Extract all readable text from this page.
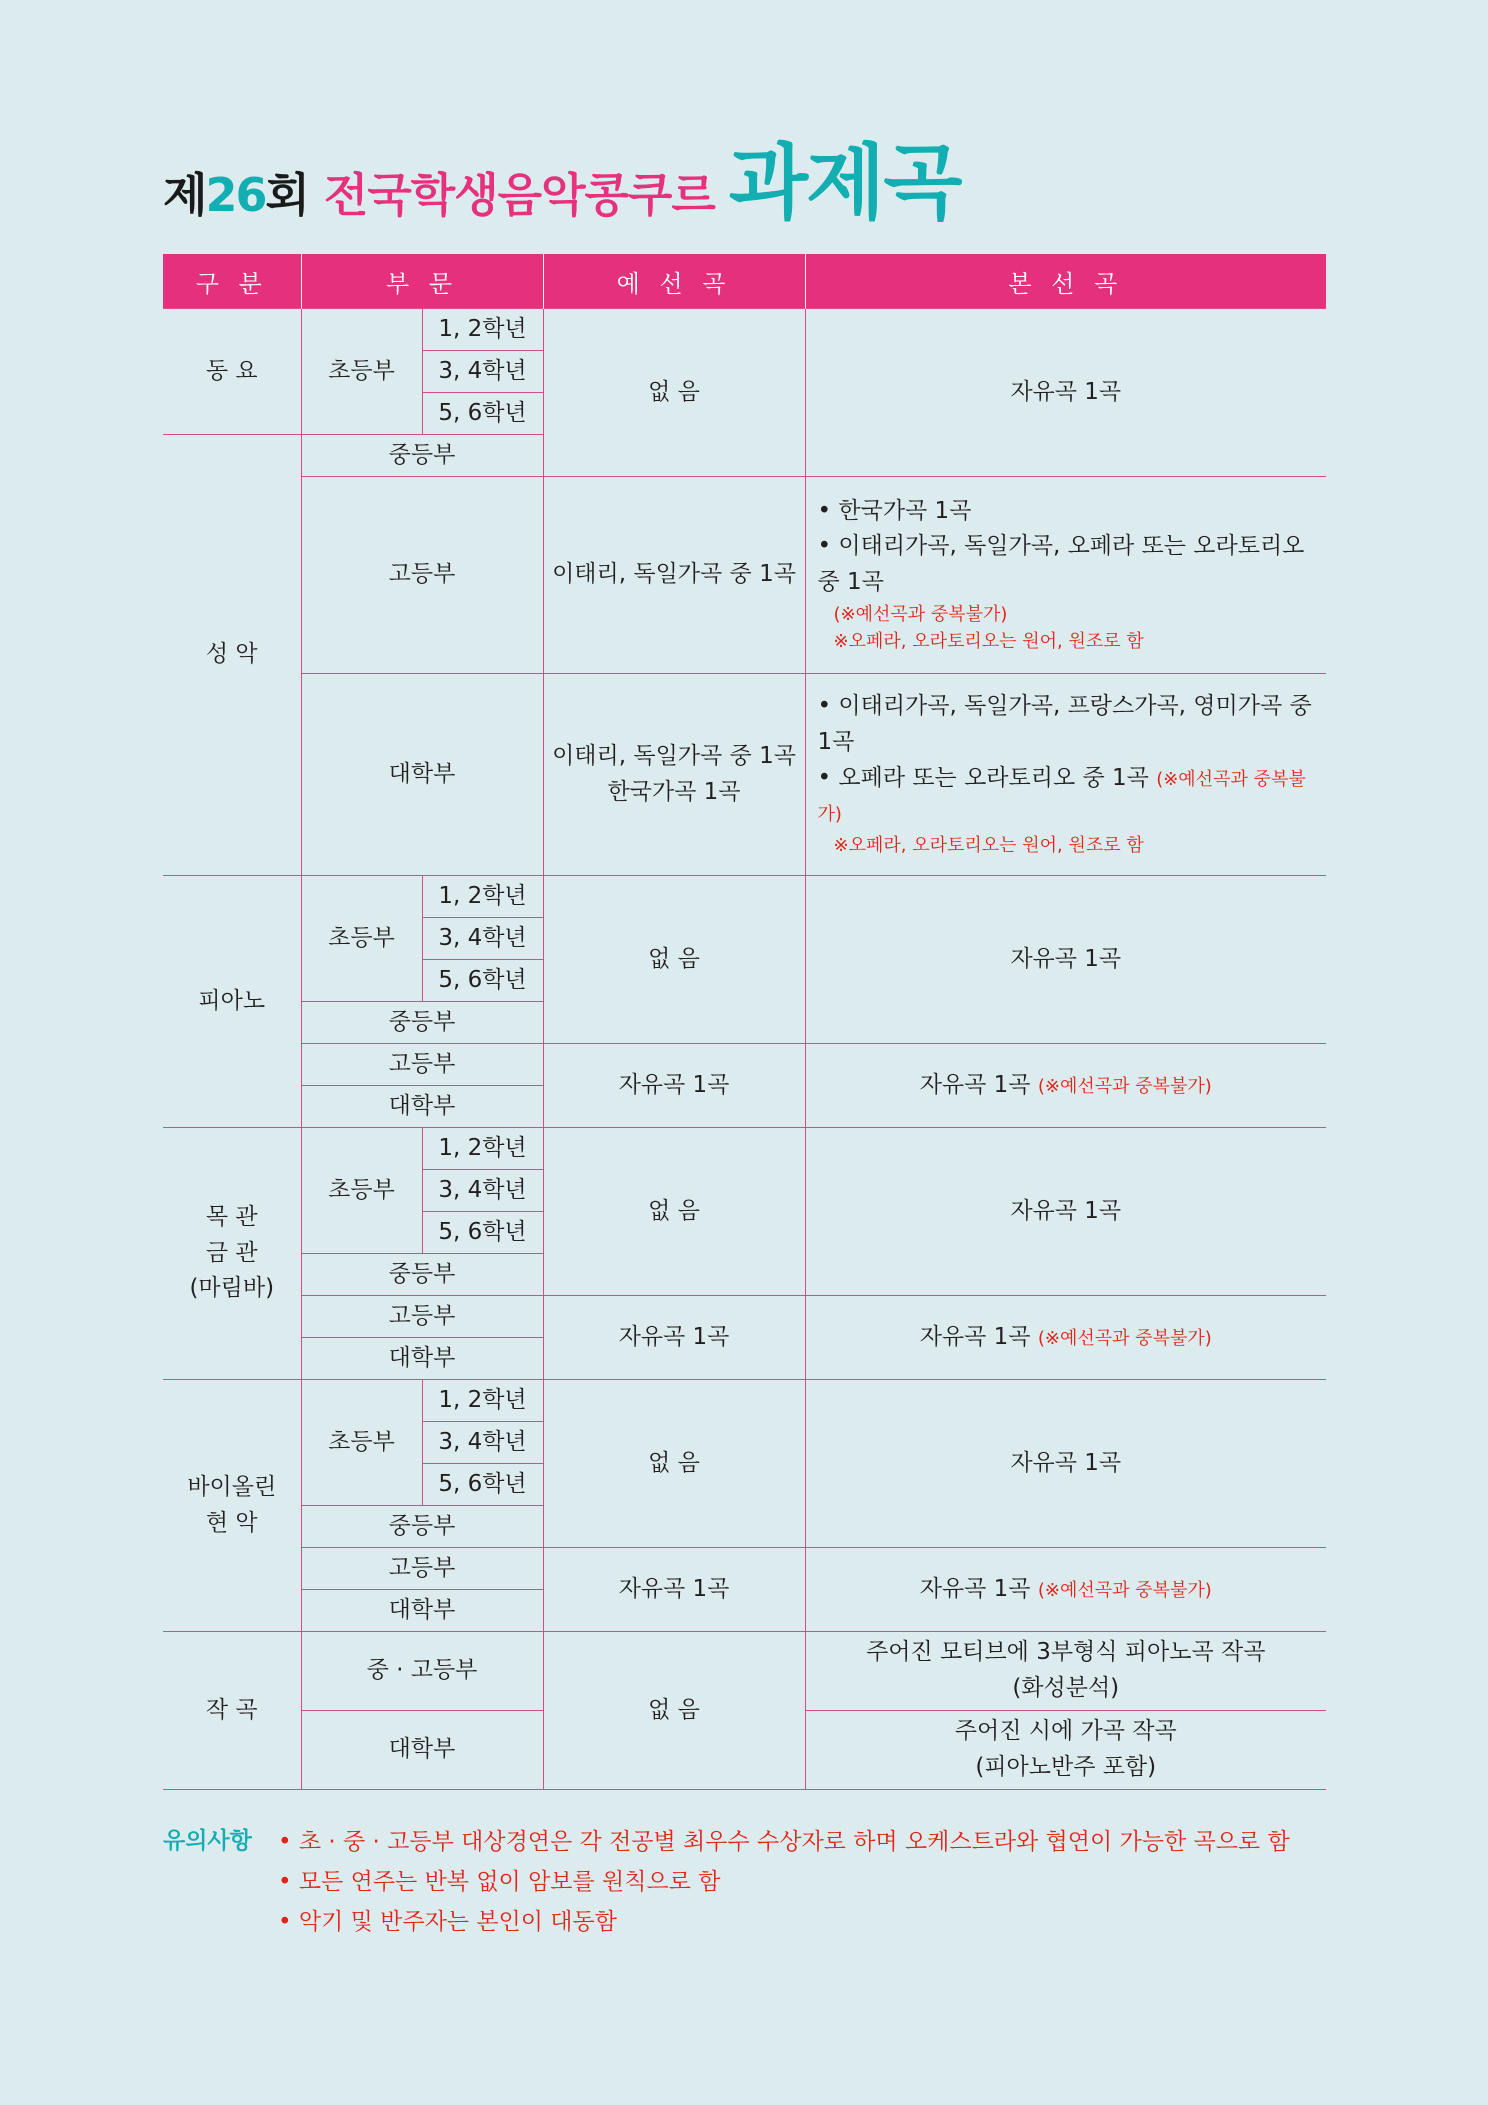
제 26 회 전국학생음악콩쿠르 과제곡
구 분	부 문		예 선 곡	본 선 곡
동 요	초등부	1, 2학년	없 음	자유곡 1곡
		3, 4학년		
		5, 6학년		
성 악	중등부			
	고등부		이태리, 독일가곡 중 1곡	• 한국가곡 1곡
• 이태리가곡, 독일가곡, 오페라 또는 오라토리오 중 1곡
(※예선곡과 중복불가)
※오페라, 오라토리오는 원어, 원조로 함

	대학부		이태리, 독일가곡 중 1곡
한국가곡 1곡	• 이태리가곡, 독일가곡, 프랑스가곡, 영미가곡 중 1곡
• 오페라 또는 오라토리오 중 1곡 (※예선곡과 중복불가)
※오페라, 오라토리오는 원어, 원조로 함

피아노	초등부	1, 2학년	없 음	자유곡 1곡
		3, 4학년		
		5, 6학년		
	중등부			
	고등부		자유곡 1곡	자유곡 1곡 (※예선곡과 중복불가)
	대학부			

목 관
금 관
(마림바)	초등부	1, 2학년	없 음	자유곡 1곡
		3, 4학년		
		5, 6학년		
	중등부			
	고등부		자유곡 1곡	자유곡 1곡 (※예선곡과 중복불가)
	대학부			

바이올린
현 악	초등부	1, 2학년	없 음	자유곡 1곡
		3, 4학년		
		5, 6학년		
	중등부			
	고등부		자유곡 1곡	자유곡 1곡 (※예선곡과 중복불가)
	대학부			
작 곡	중 · 고등부		없 음	주어진 모티브에 3부형식 피아노곡 작곡
(화성분석)

	대학부			주어진 시에 가곡 작곡
(피아노반주 포함)
유의사항	• 초 · 중 · 고등부 대상경연은 각 전공별 최우수 수상자로 하며 오케스트라와 협연이 가능한 곡으로 함
• 모든 연주는 반복 없이 암보를 원칙으로 함
• 악기 및 반주자는 본인이 대동함
